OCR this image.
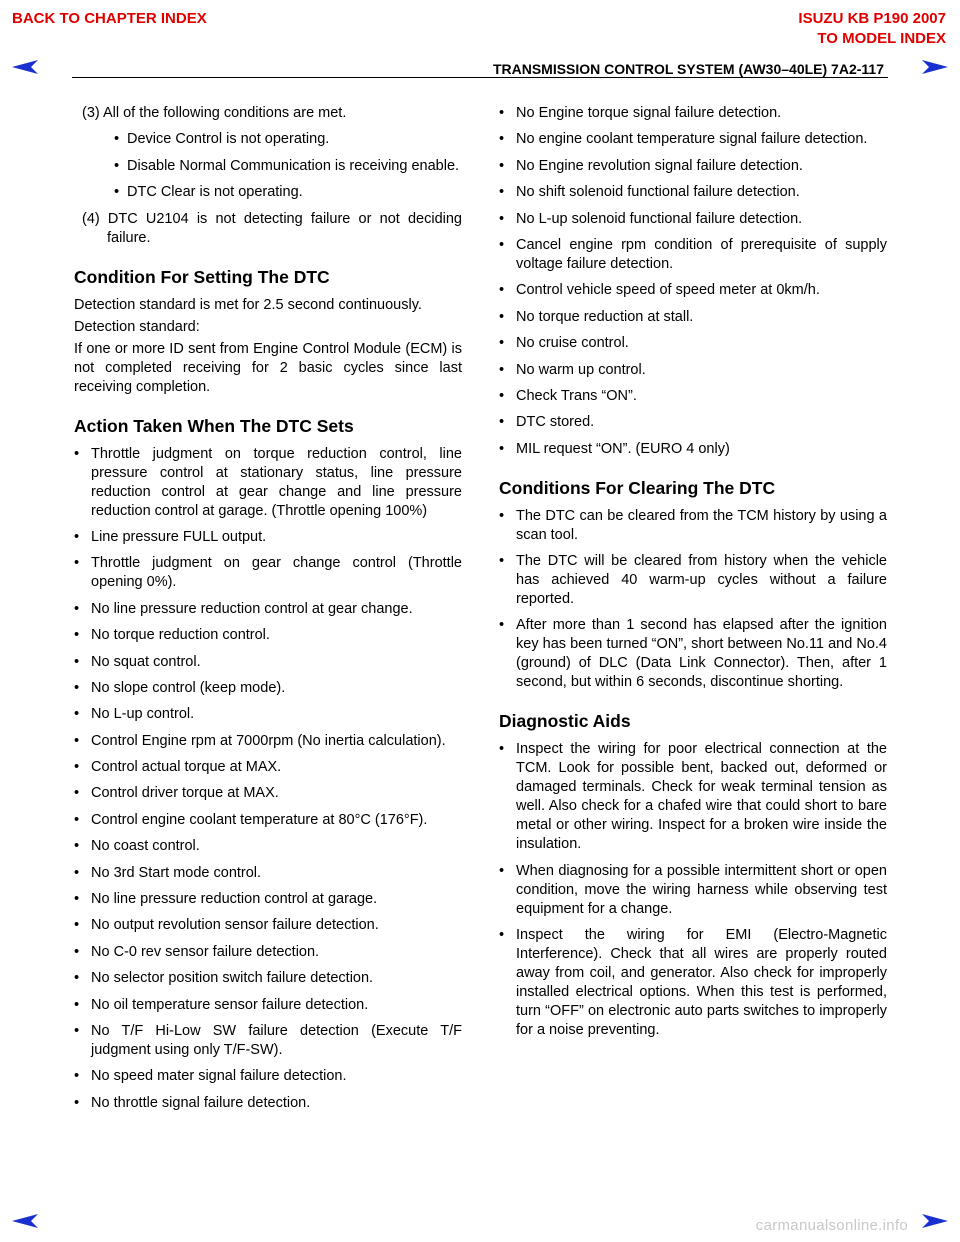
BACK TO CHAPTER INDEX	ISUZU KB P190 2007
TO MODEL INDEX
TRANSMISSION CONTROL SYSTEM (AW30–40LE) 7A2-117
(3) All of the following conditions are met.
• Device Control is not operating.
• Disable Normal Communication is receiving enable.
• DTC Clear is not operating.
(4) DTC U2104 is not detecting failure or not deciding failure.
Condition For Setting The DTC

Detection standard is met for 2.5 second continuously.

Detection standard:

If one or more ID sent from Engine Control Module (ECM) is not completed receiving for 2 basic cycles since last receiving completion.

Action Taken When The DTC Sets
• Throttle judgment on torque reduction control, line pressure control at stationary status, line pressure reduction control at gear change and line pressure reduction control at garage. (Throttle opening 100%)
• Line pressure FULL output.
• Throttle judgment on gear change control (Throttle opening 0%).
• No line pressure reduction control at gear change.
• No torque reduction control.
• No squat control.
• No slope control (keep mode).
• No L-up control.
• Control Engine rpm at 7000rpm (No inertia calculation).
• Control actual torque at MAX.
• Control driver torque at MAX.
• Control engine coolant temperature at 80°C (176°F).
• No coast control.
• No 3rd Start mode control.
• No line pressure reduction control at garage.
• No output revolution sensor failure detection.
• No C-0 rev sensor failure detection.
• No selector position switch failure detection.
• No oil temperature sensor failure detection.
• No T/F Hi-Low SW failure detection (Execute T/F judgment using only T/F-SW).
• No speed mater signal failure detection.
• No throttle signal failure detection.
• No Engine torque signal failure detection.
• No engine coolant temperature signal failure detection.
• No Engine revolution signal failure detection.
• No shift solenoid functional failure detection.
• No L-up solenoid functional failure detection.
• Cancel engine rpm condition of prerequisite of supply voltage failure detection.
• Control vehicle speed of speed meter at 0km/h.
• No torque reduction at stall.
• No cruise control.
• No warm up control.
• Check Trans “ON”.
• DTC stored.
• MIL request “ON”. (EURO 4 only)
Conditions For Clearing The DTC
• The DTC can be cleared from the TCM history by using a scan tool.
• The DTC will be cleared from history when the vehicle has achieved 40 warm-up cycles without a failure reported.
• After more than 1 second has elapsed after the ignition key has been turned “ON”, short between No.11 and No.4 (ground) of DLC (Data Link Connector). Then, after 1 second, but within 6 seconds, discontinue shorting.
Diagnostic Aids
• Inspect the wiring for poor electrical connection at the TCM. Look for possible bent, backed out, deformed or damaged terminals. Check for weak terminal tension as well. Also check for a chafed wire that could short to bare metal or other wiring. Inspect for a broken wire inside the insulation.
• When diagnosing for a possible intermittent short or open condition, move the wiring harness while observing test equipment for a change.
• Inspect the wiring for EMI (Electro-Magnetic Interference). Check that all wires are properly routed away from coil, and generator. Also check for improperly installed electrical options. When this test is performed, turn “OFF” on electronic auto parts switches to improperly for a noise preventing.
carmanualsonline.info
